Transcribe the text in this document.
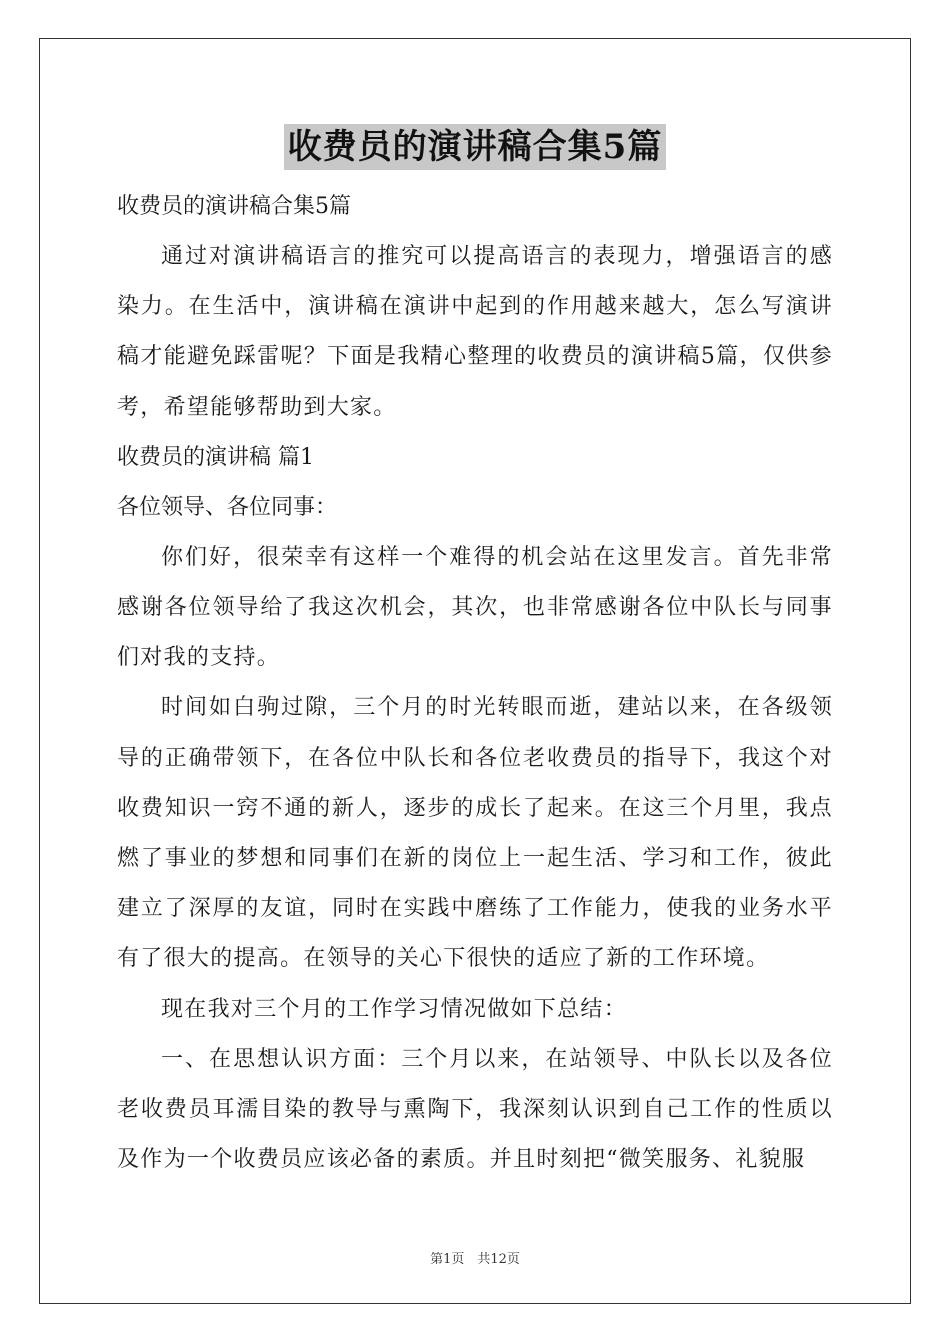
收费员的演讲稿合集5篇
收费员的演讲稿合集5篇

通过对演讲稿语言的推究可以提高语言的表现力，增强语言的感染力。在生活中，演讲稿在演讲中起到的作用越来越大，怎么写演讲稿才能避免踩雷呢？下面是我精心整理的收费员的演讲稿5篇，仅供参考，希望能够帮助到大家。

收费员的演讲稿 篇1
各位领导、各位同事：

你们好，很荣幸有这样一个难得的机会站在这里发言。首先非常感谢各位领导给了我这次机会，其次，也非常感谢各位中队长与同事们对我的支持。

时间如白驹过隙，三个月的时光转眼而逝，建站以来，在各级领导的正确带领下，在各位中队长和各位老收费员的指导下，我这个对收费知识一窍不通的新人，逐步的成长了起来。在这三个月里，我点燃了事业的梦想和同事们在新的岗位上一起生活、学习和工作，彼此建立了深厚的友谊，同时在实践中磨练了工作能力，使我的业务水平有了很大的提高。在领导的关心下很快的适应了新的工作环境。

现在我对三个月的工作学习情况做如下总结：

一、在思想认识方面：三个月以来，在站领导、中队长以及各位老收费员耳濡目染的教导与熏陶下，我深刻认识到自己工作的性质以及作为一个收费员应该必备的素质。并且时刻把“微笑服务、礼貌服

第1页　共12页
